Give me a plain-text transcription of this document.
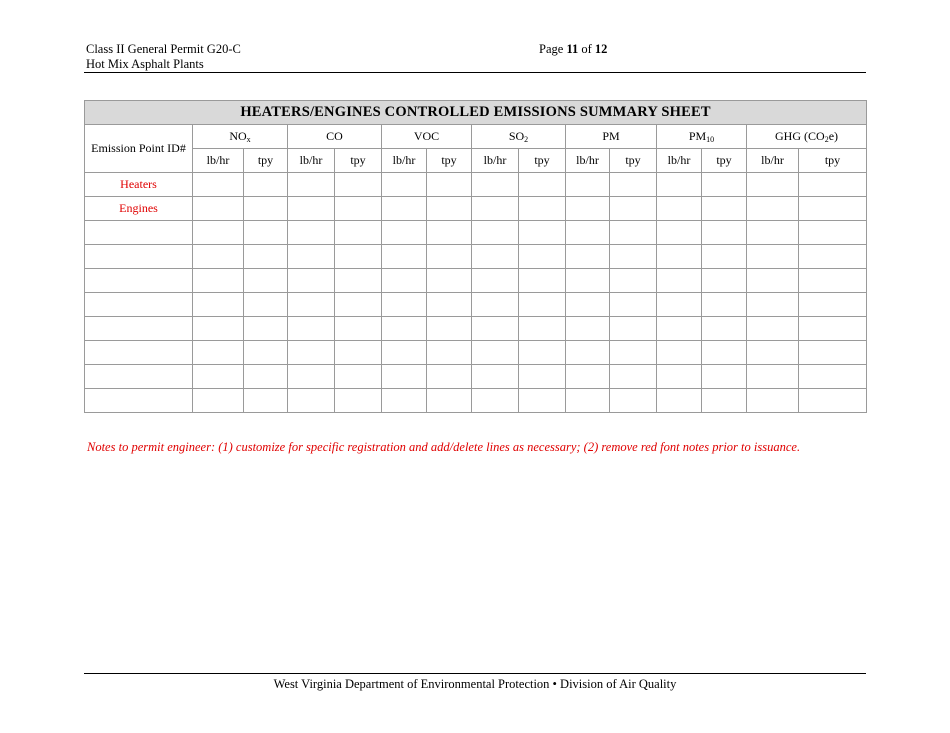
Class II General Permit G20-C
Hot Mix Asphalt Plants
Page 11 of 12
HEATERS/ENGINES CONTROLLED EMISSIONS SUMMARY SHEET														
Emission Point ID#	$NO_x$		CO		VOC		$SO_2$		PM		$PM_{10}$		GHG $(CO_2e)$	
	lb/hr	tpy	lb/hr	tpy	lb/hr	tpy	lb/hr	tpy	lb/hr	tpy	lb/hr	tpy	lb/hr	tpy
Heaters														
Engines														

Notes to permit engineer: (1) customize for specific registration and add/delete lines as necessary; (2) remove red font notes prior to issuance.
West Virginia Department of Environmental Protection • Division of Air Quality
